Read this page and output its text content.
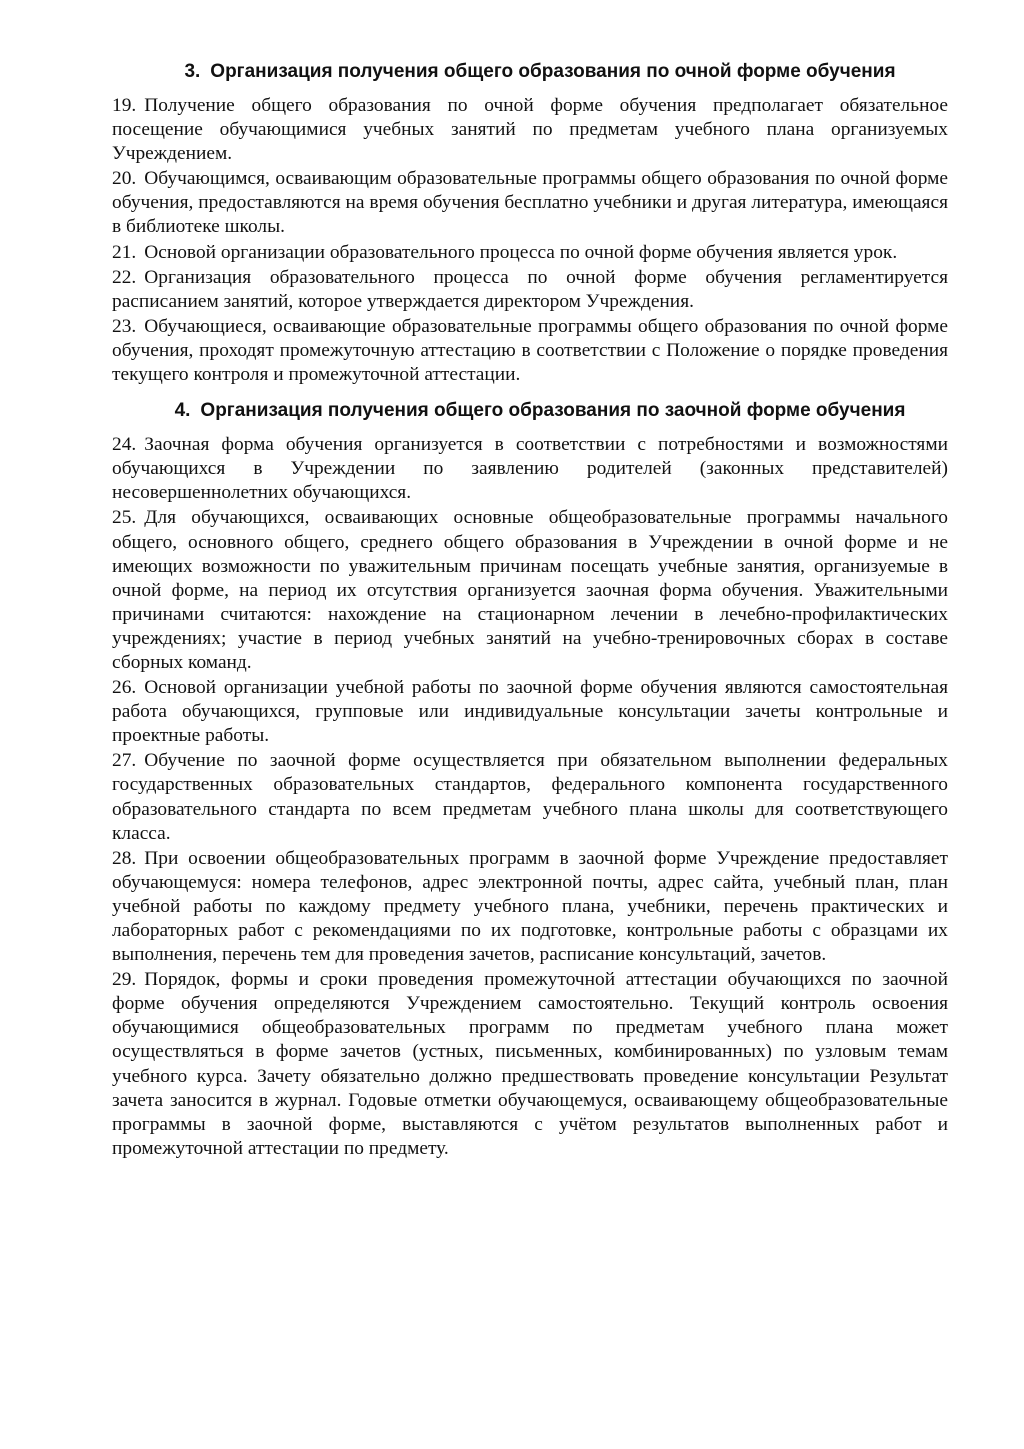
3. Организация получения общего образования по очной форме обучения

19. Получение общего образования по очной форме обучения предполагает обязательное посещение обучающимися учебных занятий по предметам учебного плана организуемых Учреждением.

20. Обучающимся, осваивающим образовательные программы общего образования по очной форме обучения, предоставляются на время обучения бесплатно учебники и другая литература, имеющаяся в библиотеке школы.

21. Основой организации образовательного процесса по очной форме обучения является урок.

22. Организация образовательного процесса по очной форме обучения регламентируется расписанием занятий, которое утверждается директором Учреждения.

23. Обучающиеся, осваивающие образовательные программы общего образования по очной форме обучения, проходят промежуточную аттестацию в соответствии с Положение о порядке проведения текущего контроля и промежуточной аттестации.

4. Организация получения общего образования по заочной форме обучения

24. Заочная форма обучения организуется в соответствии с потребностями и возможностями обучающихся в Учреждении по заявлению родителей (законных представителей) несовершеннолетних обучающихся.

25. Для обучающихся, осваивающих основные общеобразовательные программы начального общего, основного общего, среднего общего образования в Учреждении в очной форме и не имеющих возможности по уважительным причинам посещать учебные занятия, организуемые в очной форме, на период их отсутствия организуется заочная форма обучения. Уважительными причинами считаются: нахождение на стационарном лечении в лечебно-профилактических учреждениях; участие в период учебных занятий на учебно-тренировочных сборах в составе сборных команд.

26. Основой организации учебной работы по заочной форме обучения являются самостоятельная работа обучающихся, групповые или индивидуальные консультации зачеты контрольные и проектные работы.

27. Обучение по заочной форме осуществляется при обязательном выполнении федеральных государственных образовательных стандартов, федерального компонента государственного образовательного стандарта по всем предметам учебного плана школы для соответствующего класса.

28. При освоении общеобразовательных программ в заочной форме Учреждение предоставляет обучающемуся: номера телефонов, адрес электронной почты, адрес сайта, учебный план, план учебной работы по каждому предмету учебного плана, учебники, перечень практических и лабораторных работ с рекомендациями по их подготовке, контрольные работы с образцами их выполнения, перечень тем для проведения зачетов, расписание консультаций, зачетов.

29. Порядок, формы и сроки проведения промежуточной аттестации обучающихся по заочной форме обучения определяются Учреждением самостоятельно. Текущий контроль освоения обучающимися общеобразовательных программ по предметам учебного плана может осуществляться в форме зачетов (устных, письменных, комбинированных) по узловым темам учебного курса. Зачету обязательно должно предшествовать проведение консультации Результат зачета заносится в журнал. Годовые отметки обучающемуся, осваивающему общеобразовательные программы в заочной форме, выставляются с учётом результатов выполненных работ и промежуточной аттестации по предмету.
